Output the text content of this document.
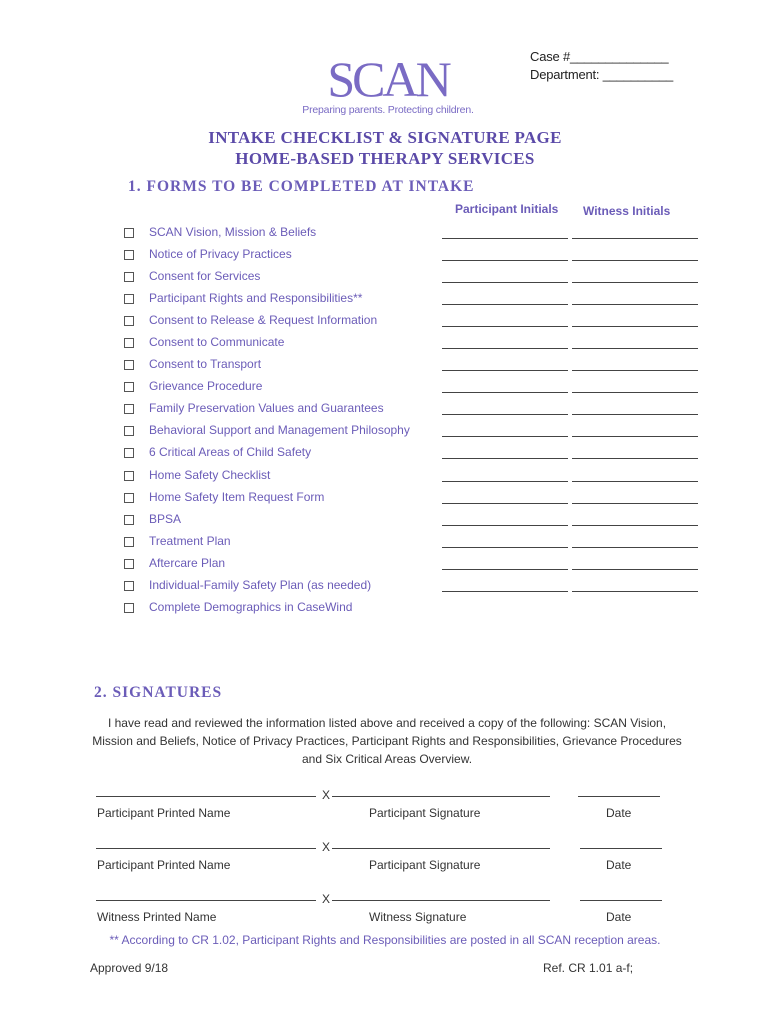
Case #______________
Department: __________
SCAN
Preparing parents. Protecting children.
INTAKE CHECKLIST & SIGNATURE PAGE
HOME-BASED THERAPY SERVICES
1. FORMS TO BE COMPLETED AT INTAKE
Participant Initials Witness Initials
SCAN Vision, Mission & Beliefs
Notice of Privacy Practices
Consent for Services
Participant Rights and Responsibilities**
Consent to Release & Request Information
Consent to Communicate
Consent to Transport
Grievance Procedure
Family Preservation Values and Guarantees
Behavioral Support and Management Philosophy
6 Critical Areas of Child Safety
Home Safety Checklist
Home Safety Item Request Form
BPSA
Treatment Plan
Aftercare Plan
Individual-Family Safety Plan (as needed)
Complete Demographics in CaseWind
2. SIGNATURES
I have read and reviewed the information listed above and received a copy of the following: SCAN Vision, Mission and Beliefs, Notice of Privacy Practices, Participant Rights and Responsibilities, Grievance Procedures and Six Critical Areas Overview.
X
Participant Printed Name	Participant Signature	Date
X
Participant Printed Name	Participant Signature	Date
X
Witness Printed Name	Witness Signature	Date
** According to CR 1.02, Participant Rights and Responsibilities are posted in all SCAN reception areas.
Approved 9/18	Ref. CR 1.01 a-f;
